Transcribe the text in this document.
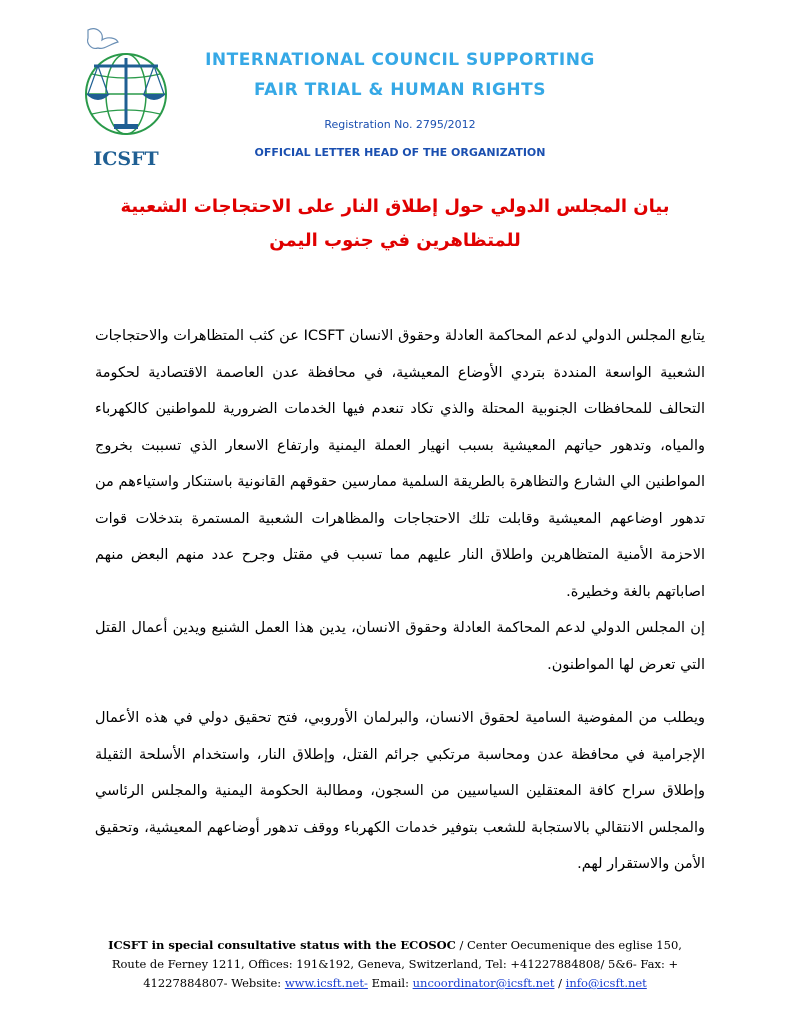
ICSFT
INTERNATIONAL COUNCIL SUPPORTING
FAIR TRIAL & HUMAN RIGHTS
Registration No. 2795/2012
OFFICIAL LETTER HEAD OF THE ORGANIZATION
بيان المجلس الدولي حول إطلاق النار على الاحتجاجات الشعبية
للمتظاهرين في جنوب اليمن
يتابع المجلس الدولي لدعم المحاكمة العادلة وحقوق الانسان ICSFT عن كثب المتظاهرات والاحتجاجات الشعبية الواسعة المنددة بتردي الأوضاع المعيشية، في محافظة عدن العاصمة الاقتصادية لحكومة التحالف للمحافظات الجنوبية المحتلة والذي تكاد تنعدم فيها الخدمات الضرورية للمواطنين كالكهرباء والمياه، وتدهور حياتهم المعيشية بسبب انهيار العملة اليمنية وارتفاع الاسعار الذي تسببت بخروج المواطنين الي الشارع والتظاهرة بالطريقة السلمية ممارسين حقوقهم القانونية باستنكار واستياءهم من تدهور اوضاعهم المعيشية وقابلت تلك الاحتجاجات والمظاهرات الشعبية المستمرة بتدخلات قوات الاحزمة الأمنية المتظاهرين واطلاق النار عليهم مما تسبب في مقتل وجرح عدد منهم البعض منهم اصاباتهم بالغة وخطيرة.
إن المجلس الدولي لدعم المحاكمة العادلة وحقوق الانسان، يدين هذا العمل الشنيع ويدين أعمال القتل التي تعرض لها المواطنون.
ويطلب من المفوضية السامية لحقوق الانسان، والبرلمان الأوروبي، فتح تحقيق دولي في هذه الأعمال الإجرامية في محافظة عدن ومحاسبة مرتكبي جرائم القتل، وإطلاق النار، واستخدام الأسلحة الثقيلة وإطلاق سراح كافة المعتقلين السياسيين من السجون، ومطالبة الحكومة اليمنية والمجلس الرئاسي والمجلس الانتقالي بالاستجابة للشعب بتوفير خدمات الكهرباء ووقف تدهور أوضاعهم المعيشية، وتحقيق الأمن والاستقرار لهم.
ICSFT in special consultative status with the ECOSOC / Center Oecumenique des eglise 150,
Route de Ferney 1211, Offices: 191&192, Geneva, Switzerland, Tel: +41227884808/ 5&6- Fax: +
41227884807- Website: www.icsft.net- Email: uncoordinator@icsft.net / info@icsft.net
